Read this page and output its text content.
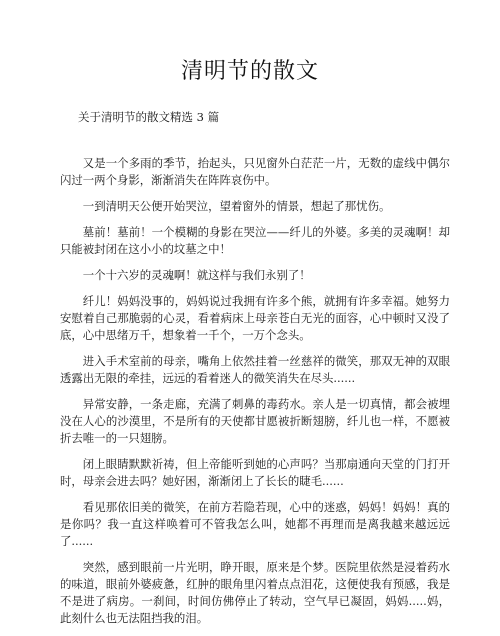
清明节的散文
关于清明节的散文精选 3 篇

又是一个多雨的季节，抬起头，只见窗外白茫茫一片，无数的虚线中偶尔闪过一两个身影，渐渐消失在阵阵哀伤中。

一到清明天公便开始哭泣，望着窗外的情景，想起了那忧伤。

墓前！墓前！一个模糊的身影在哭泣——纤儿的外婆。多美的灵魂啊！却只能被封闭在这小小的坟墓之中！

一个十六岁的灵魂啊！就这样与我们永别了！

纤儿！妈妈没事的，妈妈说过我拥有许多个熊，就拥有许多幸福。她努力安慰着自己那脆弱的心灵，看着病床上母亲苍白无光的面容，心中顿时又没了底，心中思绪万千，想象着一千个，一万个念头。

进入手术室前的母亲，嘴角上依然挂着一丝慈祥的微笑，那双无神的双眼透露出无限的牵挂，远远的看着迷人的微笑消失在尽头......

异常安静，一条走廊，充满了刺鼻的毒药水。亲人是一切真情，都会被埋没在人心的沙漠里，不是所有的天使都甘愿被折断翅膀，纤儿也一样，不愿被折去唯一的一只翅膀。

闭上眼睛默默祈祷，但上帝能听到她的心声吗？当那扇通向天堂的门打开时，母亲会进去吗？她好困，渐渐闭上了长长的睫毛......

看见那依旧美的微笑，在前方若隐若现，心中的迷惑，妈妈！妈妈！真的是你吗？我一直这样唤着可不管我怎么叫，她都不再理而是离我越来越远远了......

突然，感到眼前一片光明，睁开眼，原来是个梦。医院里依然是浸着药水的味道，眼前外婆疲惫，红肿的眼角里闪着点点泪花，这便使我有预感，我是不是进了病房。一刹间，时间仿佛停止了转动，空气早已凝固，妈妈.....妈，此刻什么也无法阻挡我的泪。
